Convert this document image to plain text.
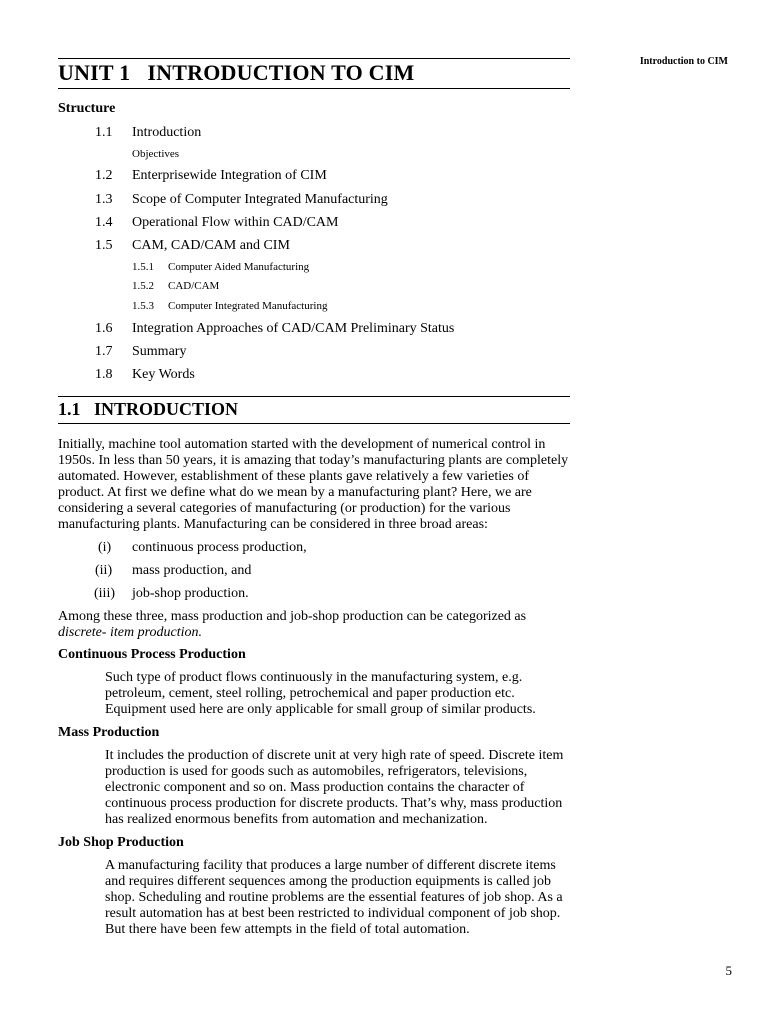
Introduction to CIM
UNIT 1   INTRODUCTION TO CIM
Structure
1.1 Introduction
Objectives
1.2 Enterprisewide Integration of CIM
1.3 Scope of Computer Integrated Manufacturing
1.4 Operational Flow within CAD/CAM
1.5 CAM, CAD/CAM and CIM
1.5.1 Computer Aided Manufacturing
1.5.2 CAD/CAM
1.5.3 Computer Integrated Manufacturing
1.6 Integration Approaches of CAD/CAM Preliminary Status
1.7 Summary
1.8 Key Words
1.1   INTRODUCTION

Initially, machine tool automation started with the development of numerical control in 1950s. In less than 50 years, it is amazing that today’s manufacturing plants are completely automated. However, establishment of these plants gave relatively a few varieties of product. At first we define what do we mean by a manufacturing plant? Here, we are considering a several categories of manufacturing (or production) for the various manufacturing plants. Manufacturing can be considered in three broad areas:

(i) continuous process production,
(ii) mass production, and
(iii) job-shop production.

Among these three, mass production and job-shop production can be categorized as
discrete- item production.

Continuous Process Production

Such type of product flows continuously in the manufacturing system, e.g. petroleum, cement, steel rolling, petrochemical and paper production etc. Equipment used here are only applicable for small group of similar products.

Mass Production

It includes the production of discrete unit at very high rate of speed. Discrete item production is used for goods such as automobiles, refrigerators, televisions, electronic component and so on. Mass production contains the character of continuous process production for discrete products. That’s why, mass production has realized enormous benefits from automation and mechanization.

Job Shop Production

A manufacturing facility that produces a large number of different discrete items and requires different sequences among the production equipments is called job shop. Scheduling and routine problems are the essential features of job shop. As a result automation has at best been restricted to individual component of job shop. But there have been few attempts in the field of total automation.

5
